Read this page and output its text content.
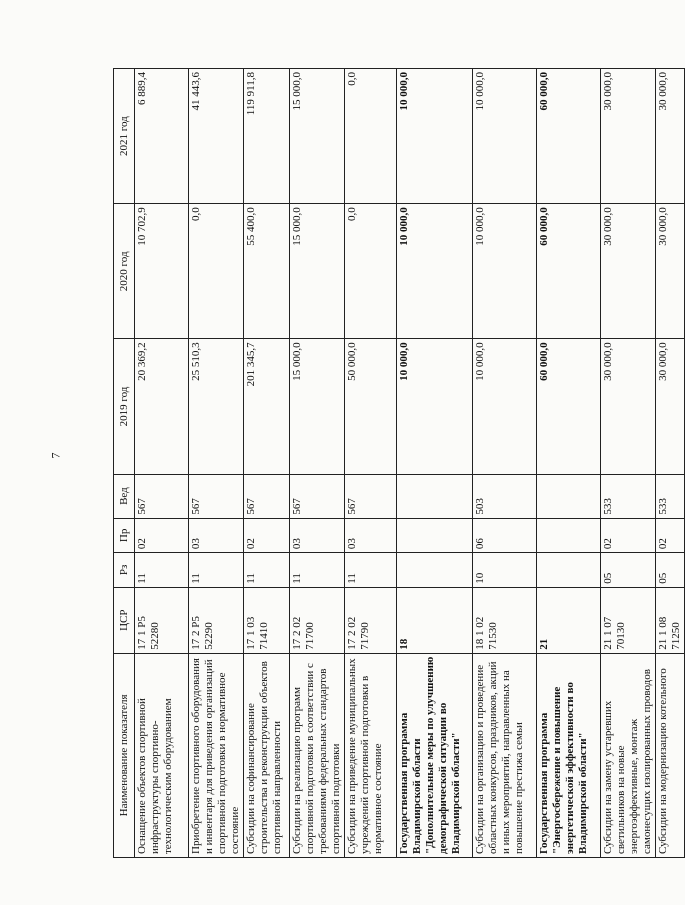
7
Наименование показателя	ЦСР	Рз	Пр	Вед	2019 год	2020 год	2021 год
Оснащение объектов спортивной инфраструктуры спортивно-технологическим оборудованием	17 1 P5 52280	11	02	567	20 369,2	10 702,9	6 889,4
Приобретение спортивного оборудования и инвентаря для приведения организаций спортивной подготовки в нормативное состояние	17 2 P5 52290	11	03	567	25 510,3	0,0	41 443,6
Субсидии на софинансирование строительства и реконструкции объектов спортивной направленности	17 1 03 71410	11	02	567	201 345,7	55 400,0	119 911,8
Субсидии на реализацию программ спортивной подготовки в соответствии с требованиями федеральных стандартов спортивной подготовки	17 2 02 71700	11	03	567	15 000,0	15 000,0	15 000,0
Субсидии на приведение муниципальных учреждений спортивной подготовки в нормативное состояние	17 2 02 71790	11	03	567	50 000,0	0,0	0,0
Государственная программа Владимирской области "Дополнительные меры по улучшению демографической ситуации во Владимирской области"	18				10 000,0	10 000,0	10 000,0
Субсидии на организацию и проведение областных конкурсов, праздников, акций и иных мероприятий, направленных на повышение престижа семьи	18 1 02 71530	10	06	503	10 000,0	10 000,0	10 000,0
Государственная программа "Энергосбережение и повышение энергетической эффективности во Владимирской области"	21				60 000,0	60 000,0	60 000,0
Субсидии на замену устаревших светильников на новые энергоэффективные, монтаж самонесущих изолированных проводов	21 1 07 70130	05	02	533	30 000,0	30 000,0	30 000,0
Субсидии на модернизацию котельного	21 1 08 71250	05	02	533	30 000,0	30 000,0	30 000,0
